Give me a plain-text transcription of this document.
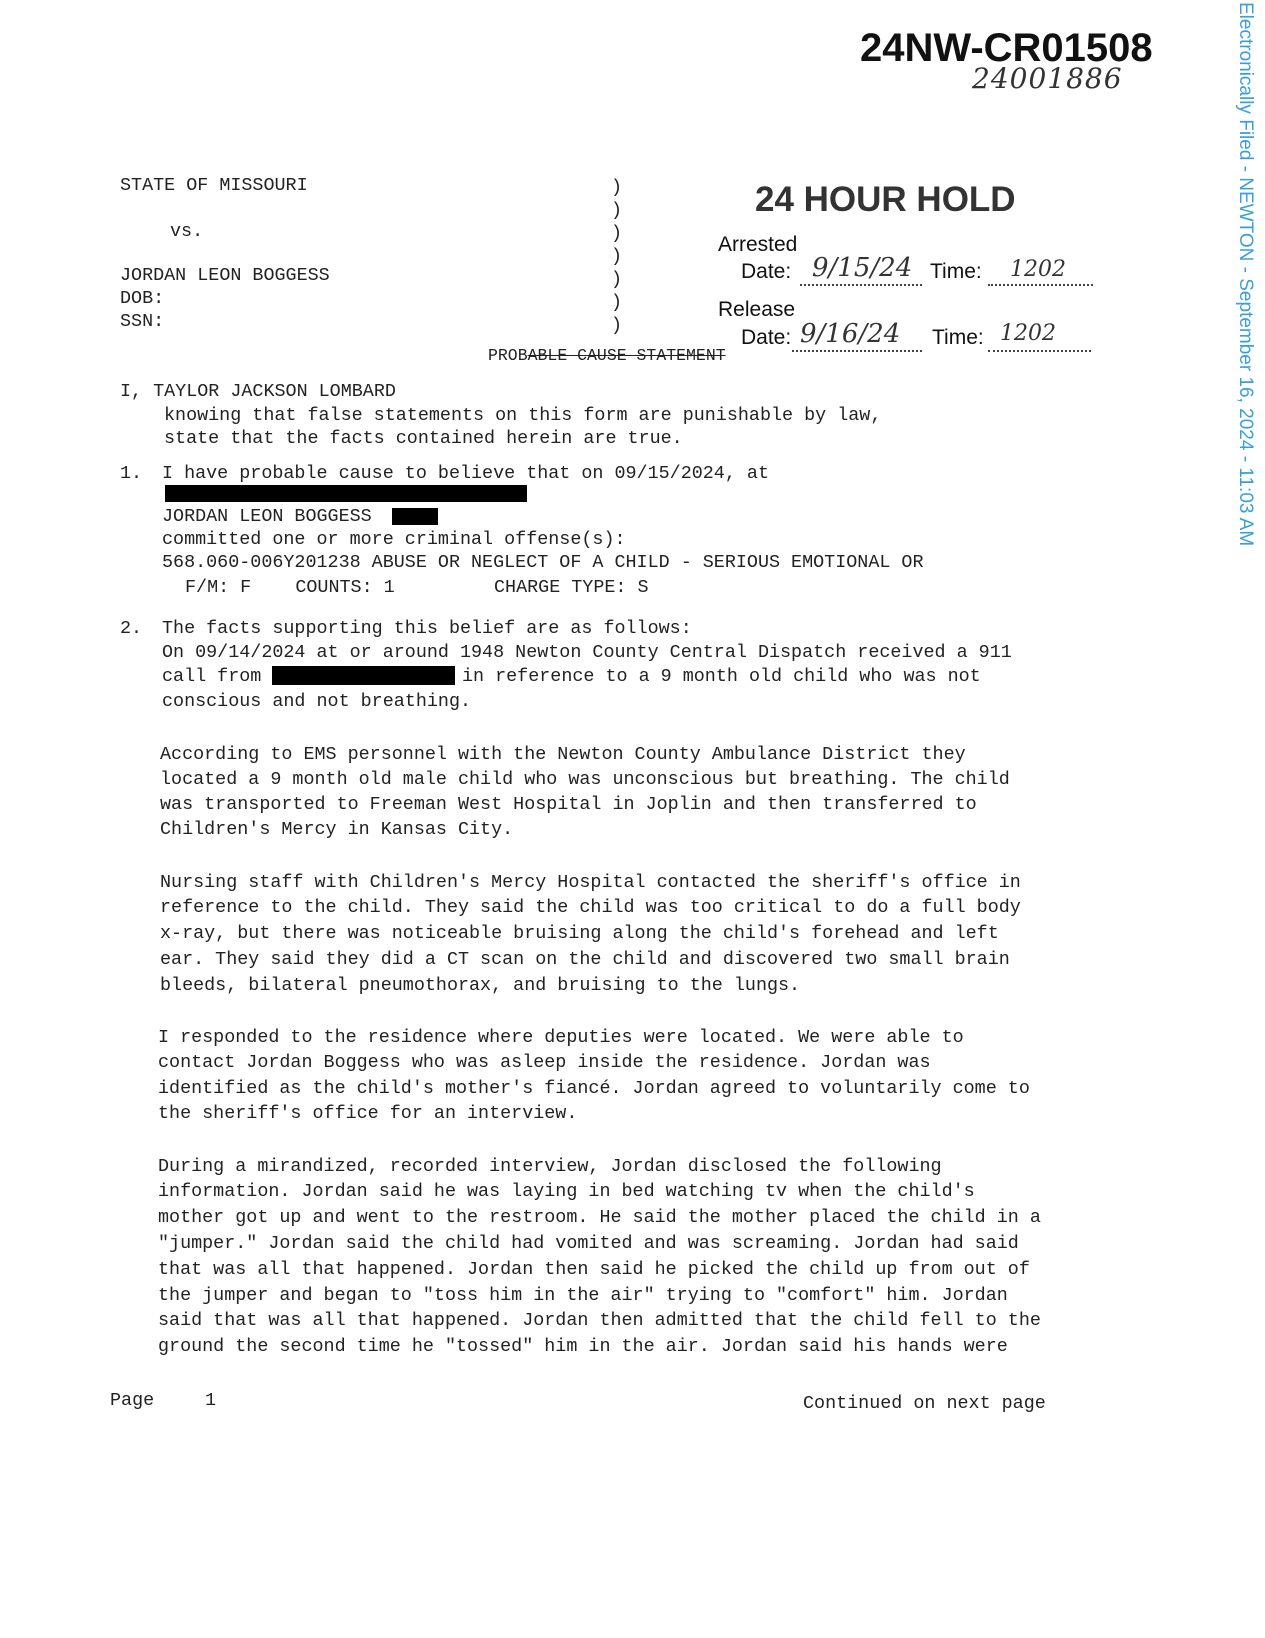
Electronically Filed - NEWTON - September 16, 2024 - 11:03 AM
24NW-CR01508
24001886
STATE OF MISSOURI
vs.
JORDAN LEON BOGGESS
DOB:
SSN:
)
)
)
)
)
)
)
24 HOUR HOLD
Arrested
Date: 9/15/24 Time: 1202
Release
Date: 9/16/24 Time: 1202
PROBABLE CAUSE STATEMENT
I, TAYLOR JACKSON LOMBARD
knowing that false statements on this form are punishable by law,
state that the facts contained herein are true.
1. I have probable cause to believe that on 09/15/2024, at
JORDAN LEON BOGGESS
committed one or more criminal offense(s):
568.060-006Y201238 ABUSE OR NEGLECT OF A CHILD - SERIOUS EMOTIONAL OR
F/M: F    COUNTS: 1         CHARGE TYPE: S
2. The facts supporting this belief are as follows:
On 09/14/2024 at or around 1948 Newton County Central Dispatch received a 911
call from	in reference to a 9 month old child who was not
conscious and not breathing.
According to EMS personnel with the Newton County Ambulance District they
located a 9 month old male child who was unconscious but breathing. The child
was transported to Freeman West Hospital in Joplin and then transferred to
Children's Mercy in Kansas City.
Nursing staff with Children's Mercy Hospital contacted the sheriff's office in
reference to the child. They said the child was too critical to do a full body
x-ray, but there was noticeable bruising along the child's forehead and left
ear. They said they did a CT scan on the child and discovered two small brain
bleeds, bilateral pneumothorax, and bruising to the lungs.
I responded to the residence where deputies were located. We were able to
contact Jordan Boggess who was asleep inside the residence. Jordan was
identified as the child's mother's fiancé. Jordan agreed to voluntarily come to
the sheriff's office for an interview.
During a mirandized, recorded interview, Jordan disclosed the following
information. Jordan said he was laying in bed watching tv when the child's
mother got up and went to the restroom. He said the mother placed the child in a
"jumper." Jordan said the child had vomited and was screaming. Jordan had said
that was all that happened. Jordan then said he picked the child up from out of
the jumper and began to "toss him in the air" trying to "comfort" him. Jordan
said that was all that happened. Jordan then admitted that the child fell to the
ground the second time he "tossed" him in the air. Jordan said his hands were
Page	1	Continued on next page
